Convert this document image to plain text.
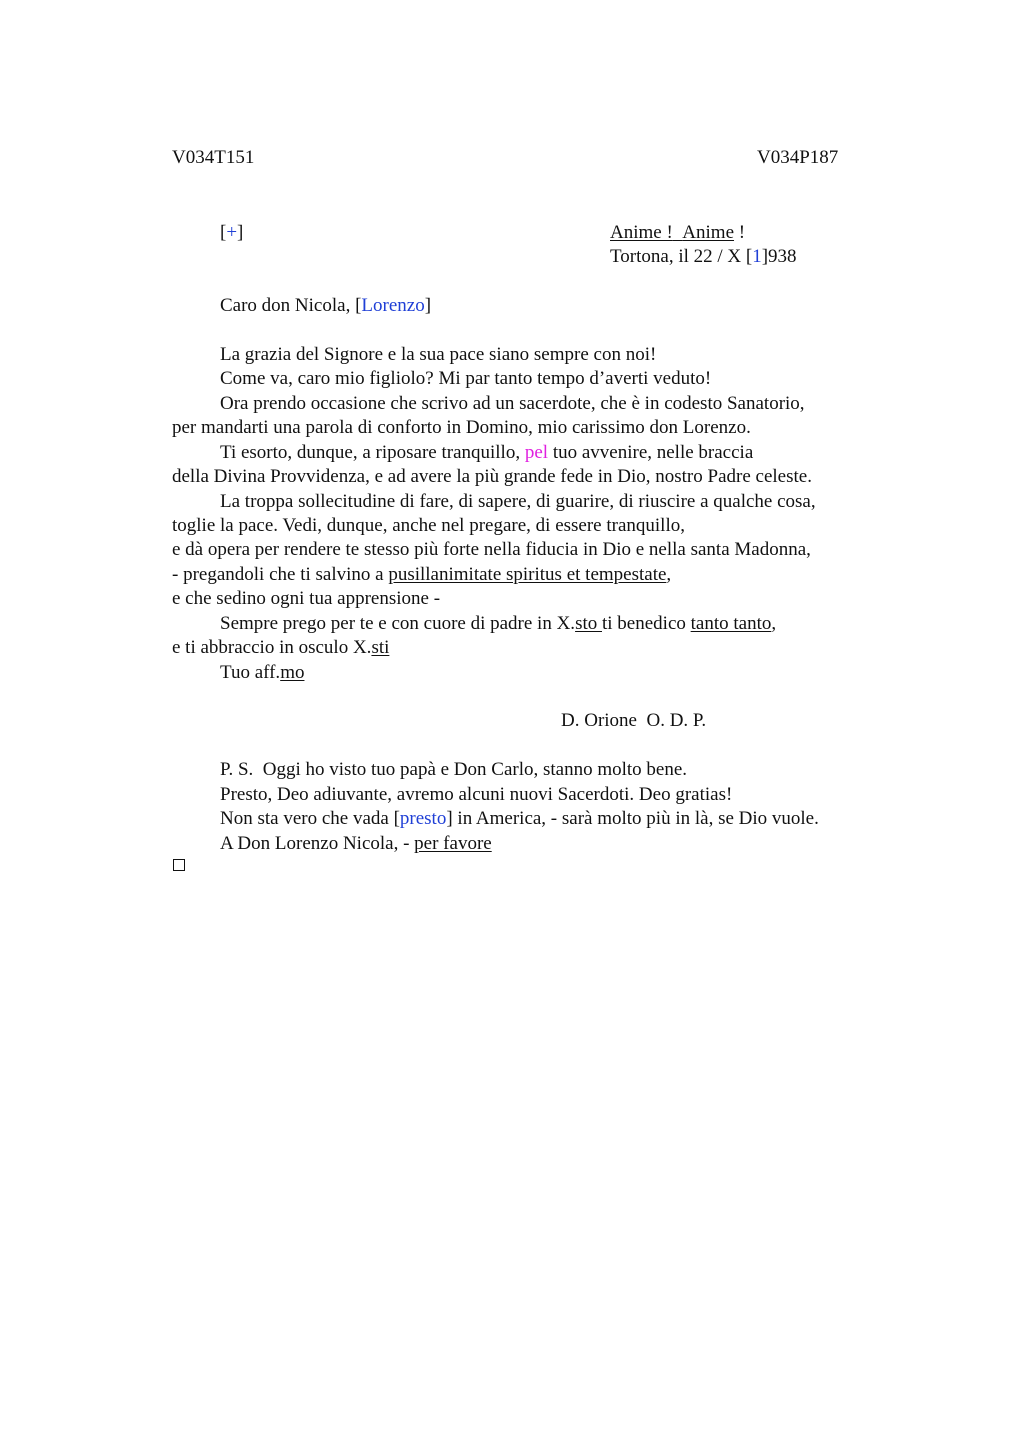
V034T151	V034P187
[+]	Anime ! Anime !
Tortona, il 22 / X [1]938
Caro don Nicola, [Lorenzo]
La grazia del Signore e la sua pace siano sempre con noi!
Come va, caro mio figliolo? Mi par tanto tempo d’averti veduto!
Ora prendo occasione che scrivo ad un sacerdote, che è in codesto Sanatorio,
per mandarti una parola di conforto in Domino, mio carissimo don Lorenzo.
Ti esorto, dunque, a riposare tranquillo, pel tuo avvenire, nelle braccia
della Divina Provvidenza, e ad avere la più grande fede in Dio, nostro Padre celeste.
La troppa sollecitudine di fare, di sapere, di guarire, di riuscire a qualche cosa,
toglie la pace. Vedi, dunque, anche nel pregare, di essere tranquillo,
e dà opera per rendere te stesso più forte nella fiducia in Dio e nella santa Madonna,
- pregandoli che ti salvino a pusillanimitate spiritus et tempestate,
e che sedino ogni tua apprensione -
Sempre prego per te e con cuore di padre in X.sto ti benedico tanto tanto,
e ti abbraccio in osculo X.sti
Tuo aff.mo
D. Orione  O. D. P.
P. S.  Oggi ho visto tuo papà e Don Carlo, stanno molto bene.
Presto, Deo adiuvante, avremo alcuni nuovi Sacerdoti. Deo gratias!
Non sta vero che vada [presto] in America, - sarà molto più in là, se Dio vuole.
A Don Lorenzo Nicola, - per favore
